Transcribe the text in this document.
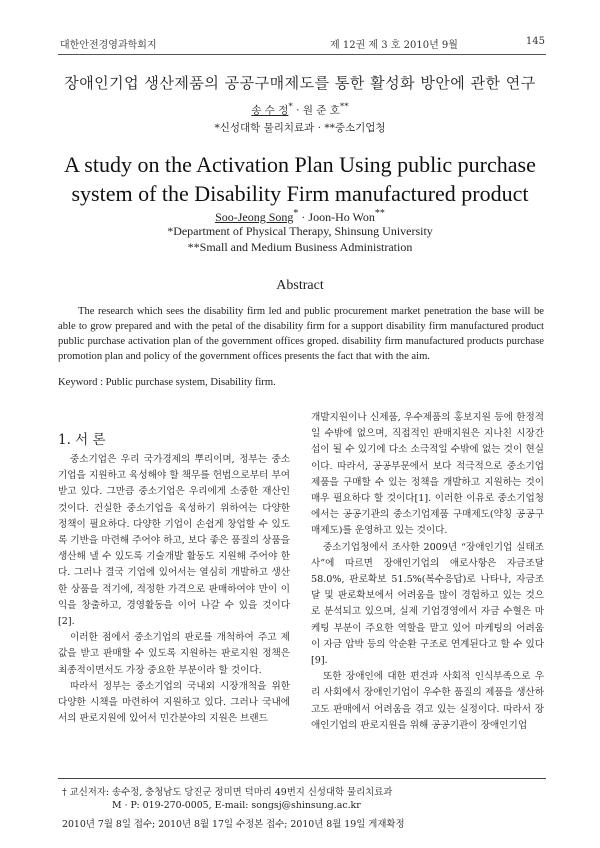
대한안전경영과학회지	제 12권 제 3 호 2010년 9월	145
장애인기업 생산제품의 공공구매제도를 통한 활성화 방안에 관한 연구
송 수 정* · 원 준 호**
*신성대학 물리치료과 · **중소기업청
A study on the Activation Plan Using public purchase
system of the Disability Firm manufactured product
Soo-Jeong Song* · Joon-Ho Won**
*Department of Physical Therapy, Shinsung University
**Small and Medium Business Administration
Abstract

The research which sees the disability firm led and public procurement market penetration the base will be able to grow prepared and with the petal of the disability firm for a support disability firm manufactured product public purchase activation plan of the government offices groped. disability firm manufactured products purchase promotion plan and policy of the government offices presents the fact that with the aim.

Keyword : Public purchase system, Disability firm.
1. 서 론

중소기업은 우리 국가경제의 뿌리이며, 정부는 중소기업을 지원하고 육성해야 할 책무를 헌법으로부터 부여받고 있다. 그만큼 중소기업은 우리에게 소중한 재산인 것이다. 건실한 중소기업을 육성하기 위하여는 다양한 정책이 필요하다. 다양한 기업이 손쉽게 창업할 수 있도록 기반을 마련해 주어야 하고, 보다 좋은 품질의 상품을 생산해 낼 수 있도록 기술개발 활동도 지원해 주어야 한다. 그러나 결국 기업에 있어서는 열심히 개발하고 생산한 상품을 적기에, 적정한 가격으로 판매하여야 만이 이익을 창출하고, 경영활동을 이어 나갈 수 있을 것이다[2].

이러한 점에서 중소기업의 판로를 개척하여 주고 제값을 받고 판매할 수 있도록 지원하는 판로지원 정책은 최종적이면서도 가장 중요한 부분이라 할 것이다.

따라서 정부는 중소기업의 국내외 시장개척을 위한 다양한 시책을 마련하여 지원하고 있다. 그러나 국내에서의 판로지원에 있어서 민간분야의 지원은 브랜드

개발지원이나 신제품, 우수제품의 홍보지원 등에 한정적일 수밖에 없으며, 직접적인 판매지원은 지나친 시장간섭이 될 수 있기에 다소 소극적일 수밖에 없는 것이 현실이다. 따라서, 공공부문에서 보다 적극적으로 중소기업제품을 구매할 수 있는 정책을 개발하고 지원하는 것이 매우 필요하다 할 것이다[1]. 이러한 이유로 중소기업청에서는 공공기관의 중소기업제품 구매제도(약칭 공공구매제도)를 운영하고 있는 것이다.

중소기업청에서 조사한 2009년 “장애인기업 실태조사”에 따르면 장애인기업의 애로사항은 자금조달 58.0%, 판로확보 51.5%(복수응답)로 나타나, 자금조달 및 판로확보에서 어려움을 많이 경험하고 있는 것으로 분석되고 있으며, 실제 기업경영에서 자금 수혈은 마케팅 부분이 주요한 역할을 맡고 있어 마케팅의 어려움이 자금 압박 등의 악순환 구조로 연계된다고 할 수 있다[9].

또한 장애인에 대한 편견과 사회적 인식부족으로 우리 사회에서 장애인기업이 우수한 품질의 제품을 생산하고도 판매에서 어려움을 겪고 있는 실정이다. 따라서 장애인기업의 판로지원을 위해 공공기관이 장애인기업

† 교신저자: 송수정, 충청남도 당진군 정미면 덕마리 49번지 신성대학 물리치료과
M · P: 019-270-0005, E-mail: songsj@shinsung.ac.kr
2010년 7월 8일 접수; 2010년 8월 17일 수정본 접수; 2010년 8월 19일 게재확정
